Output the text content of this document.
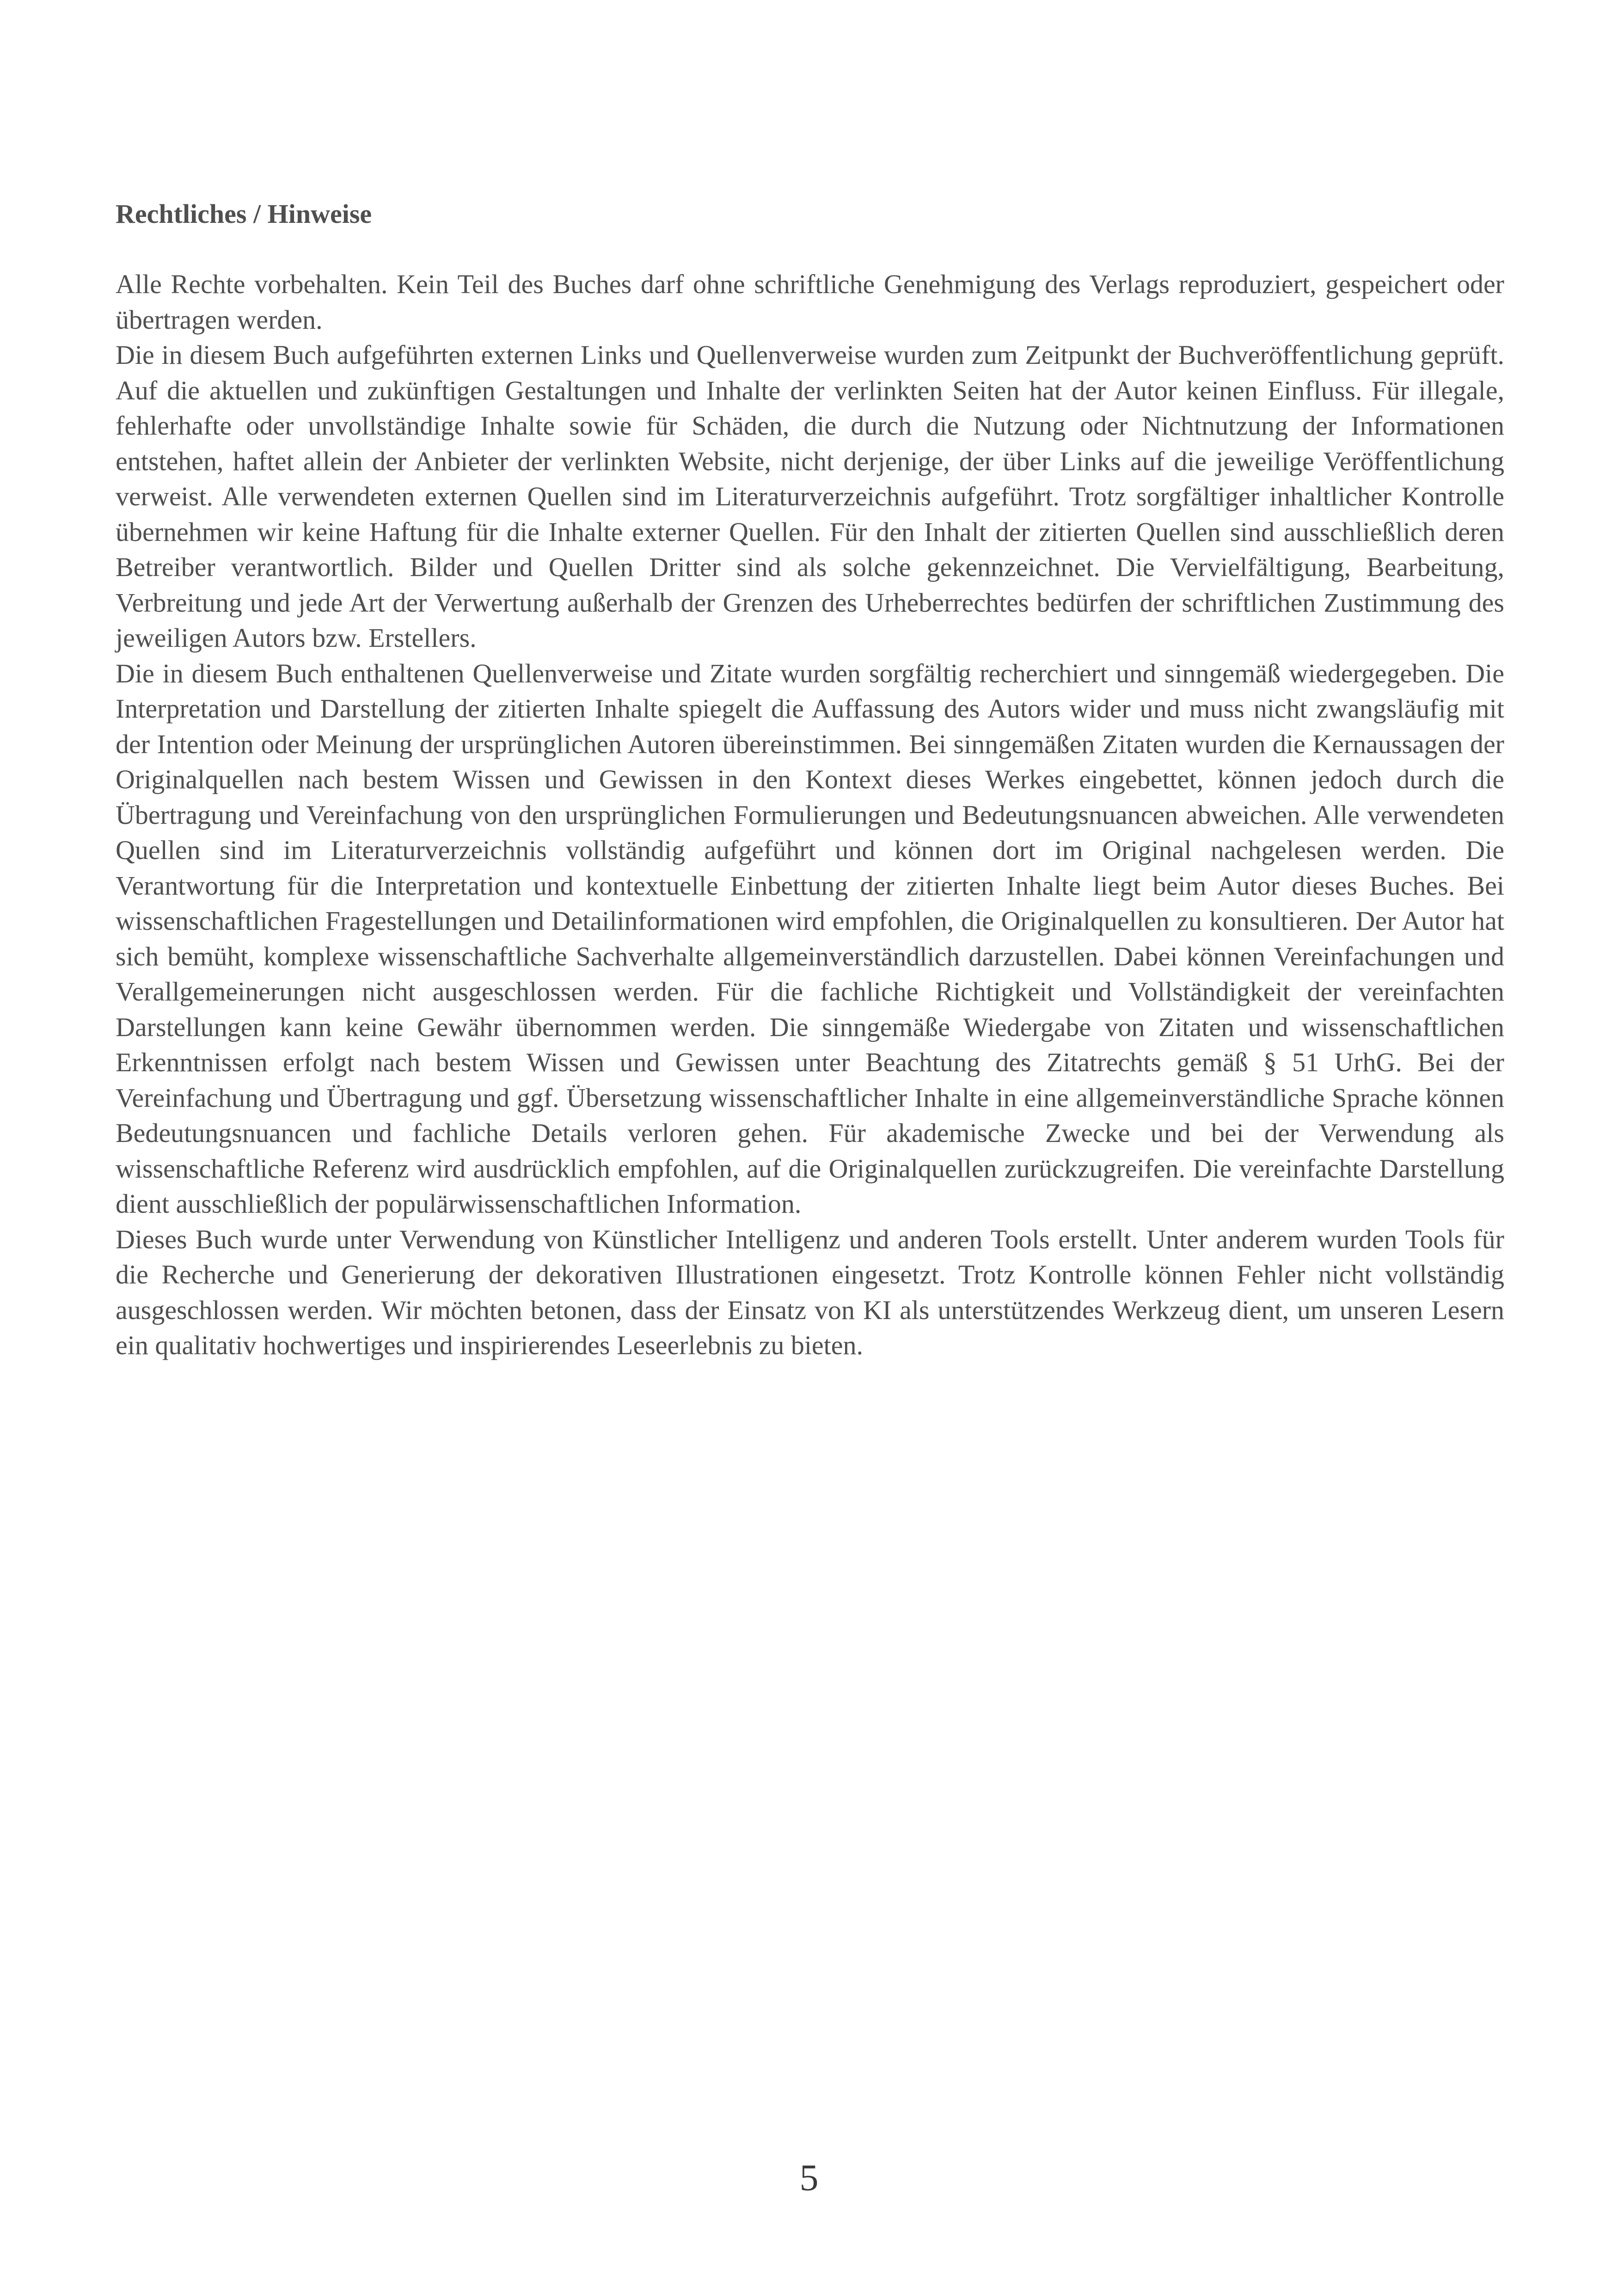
Rechtliches / Hinweise

Alle Rechte vorbehalten. Kein Teil des Buches darf ohne schriftliche Genehmigung des Verlags reproduziert, gespeichert oder übertragen werden.

Die in diesem Buch aufgeführten externen Links und Quellenverweise wurden zum Zeitpunkt der Buchveröffentlichung geprüft. Auf die aktuellen und zukünftigen Gestaltungen und Inhalte der verlinkten Seiten hat der Autor keinen Einfluss. Für illegale, fehlerhafte oder unvollständige Inhalte sowie für Schäden, die durch die Nutzung oder Nichtnutzung der Informationen entstehen, haftet allein der Anbieter der verlinkten Website, nicht derjenige, der über Links auf die jeweilige Veröffentlichung verweist. Alle verwendeten externen Quellen sind im Literaturverzeichnis aufgeführt. Trotz sorgfältiger inhaltlicher Kontrolle übernehmen wir keine Haftung für die Inhalte externer Quellen. Für den Inhalt der zitierten Quellen sind ausschließlich deren Betreiber verantwortlich. Bilder und Quellen Dritter sind als solche gekennzeichnet. Die Vervielfältigung, Bearbeitung, Verbreitung und jede Art der Verwertung außerhalb der Grenzen des Urheberrechtes bedürfen der schriftlichen Zustimmung des jeweiligen Autors bzw. Erstellers.

Die in diesem Buch enthaltenen Quellenverweise und Zitate wurden sorgfältig recherchiert und sinngemäß wiedergegeben. Die Interpretation und Darstellung der zitierten Inhalte spiegelt die Auffassung des Autors wider und muss nicht zwangsläufig mit der Intention oder Meinung der ursprünglichen Autoren übereinstimmen. Bei sinngemäßen Zitaten wurden die Kernaussagen der Originalquellen nach bestem Wissen und Gewissen in den Kontext dieses Werkes eingebettet, können jedoch durch die Übertragung und Vereinfachung von den ursprünglichen Formulierungen und Bedeutungsnuancen abweichen. Alle verwendeten Quellen sind im Literaturverzeichnis vollständig aufgeführt und können dort im Original nachgelesen werden. Die Verantwortung für die Interpretation und kontextuelle Einbettung der zitierten Inhalte liegt beim Autor dieses Buches. Bei wissenschaftlichen Fragestellungen und Detailinformationen wird empfohlen, die Originalquellen zu konsultieren. Der Autor hat sich bemüht, komplexe wissenschaftliche Sachverhalte allgemeinverständlich darzustellen. Dabei können Vereinfachungen und Verallgemeinerungen nicht ausgeschlossen werden. Für die fachliche Richtigkeit und Vollständigkeit der vereinfachten Darstellungen kann keine Gewähr übernommen werden. Die sinngemäße Wiedergabe von Zitaten und wissenschaftlichen Erkenntnissen erfolgt nach bestem Wissen und Gewissen unter Beachtung des Zitatrechts gemäß § 51 UrhG. Bei der Vereinfachung und Übertragung und ggf. Übersetzung wissenschaftlicher Inhalte in eine allgemeinverständliche Sprache können Bedeutungsnuancen und fachliche Details verloren gehen. Für akademische Zwecke und bei der Verwendung als wissenschaftliche Referenz wird ausdrücklich empfohlen, auf die Originalquellen zurückzugreifen. Die vereinfachte Darstellung dient ausschließlich der populärwissenschaftlichen Information.

Dieses Buch wurde unter Verwendung von Künstlicher Intelligenz und anderen Tools erstellt. Unter anderem wurden Tools für die Recherche und Generierung der dekorativen Illustrationen eingesetzt. Trotz Kontrolle können Fehler nicht vollständig ausgeschlossen werden. Wir möchten betonen, dass der Einsatz von KI als unterstützendes Werkzeug dient, um unseren Lesern ein qualitativ hochwertiges und inspirierendes Leseerlebnis zu bieten.

5
